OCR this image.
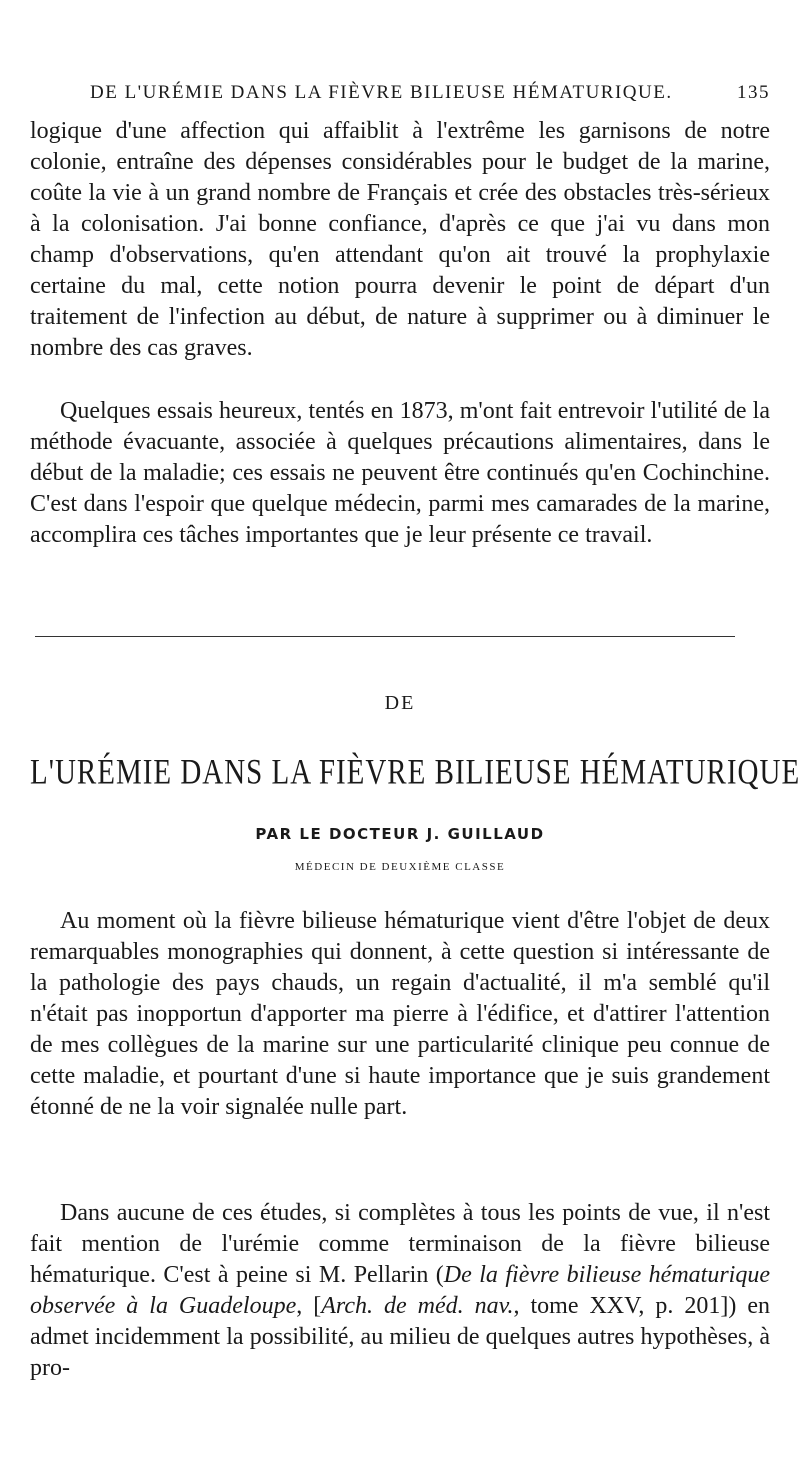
DE L'URÉMIE DANS LA FIÈVRE BILIEUSE HÉMATURIQUE.	135

logique d'une affection qui affaiblit à l'extrême les garnisons de notre colonie, entraîne des dépenses considérables pour le budget de la marine, coûte la vie à un grand nombre de Français et crée des obstacles très-sérieux à la colonisation. J'ai bonne confiance, d'après ce que j'ai vu dans mon champ d'observations, qu'en attendant qu'on ait trouvé la prophylaxie certaine du mal, cette notion pourra devenir le point de départ d'un traitement de l'infection au début, de nature à supprimer ou à diminuer le nombre des cas graves.

Quelques essais heureux, tentés en 1873, m'ont fait entrevoir l'utilité de la méthode évacuante, associée à quelques précautions alimentaires, dans le début de la maladie; ces essais ne peuvent être continués qu'en Cochinchine. C'est dans l'espoir que quelque médecin, parmi mes camarades de la marine, accomplira ces tâches importantes que je leur présente ce travail.

DE
L'URÉMIE DANS LA FIÈVRE BILIEUSE HÉMATURIQUE
PAR LE DOCTEUR J. GUILLAUD
MÉDECIN DE DEUXIÈME CLASSE

Au moment où la fièvre bilieuse hématurique vient d'être l'objet de deux remarquables monographies qui donnent, à cette question si intéressante de la pathologie des pays chauds, un regain d'actualité, il m'a semblé qu'il n'était pas inopportun d'apporter ma pierre à l'édifice, et d'attirer l'attention de mes collègues de la marine sur une particularité clinique peu connue de cette maladie, et pourtant d'une si haute importance que je suis grandement étonné de ne la voir signalée nulle part.

Dans aucune de ces études, si complètes à tous les points de vue, il n'est fait mention de l'urémie comme terminaison de la fièvre bilieuse hématurique. C'est à peine si M. Pellarin (De la fièvre bilieuse hématurique observée à la Guadeloupe, [Arch. de méd. nav., tome XXV, p. 201]) en admet incidemment la possibilité, au milieu de quelques autres hypothèses, à pro-
